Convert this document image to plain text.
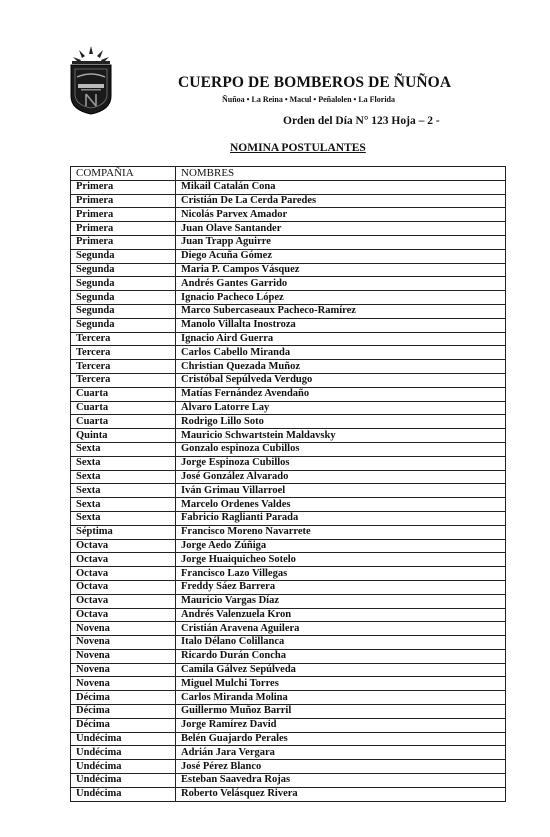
CUERPO DE BOMBEROS DE ÑUÑOA
Ñuñoa • La Reina • Macul • Peñalolen • La Florida
Orden del Día N° 123 Hoja – 2 -
NOMINA POSTULANTES
COMPAÑIA	NOMBRES
Primera	Mikail Catalán Cona
Primera	Cristián De La Cerda Paredes
Primera	Nicolás Parvex Amador
Primera	Juan Olave Santander
Primera	Juan Trapp Aguirre
Segunda	Diego Acuña Gómez
Segunda	Maria P. Campos Vásquez
Segunda	Andrés Gantes Garrido
Segunda	Ignacio Pacheco López
Segunda	Marco Subercaseaux Pacheco-Ramírez
Segunda	Manolo Villalta Inostroza
Tercera	Ignacio Aird Guerra
Tercera	Carlos Cabello Miranda
Tercera	Christian Quezada Muñoz
Tercera	Cristóbal Sepúlveda Verdugo
Cuarta	Matías Fernández Avendaño
Cuarta	Álvaro Latorre Lay
Cuarta	Rodrigo Lillo Soto
Quinta	Mauricio Schwartstein Maldavsky
Sexta	Gonzalo espinoza Cubillos
Sexta	Jorge Espinoza Cubillos
Sexta	José González Alvarado
Sexta	Iván Grimau Villarroel
Sexta	Marcelo Ordenes Valdes
Sexta	Fabricio Raglianti Parada
Séptima	Francisco Moreno Navarrete
Octava	Jorge Aedo Zúñiga
Octava	Jorge Huaiquicheo Sotelo
Octava	Francisco Lazo Villegas
Octava	Freddy Sáez Barrera
Octava	Mauricio Vargas Díaz
Octava	Andrés Valenzuela Kron
Novena	Cristián Aravena Aguilera
Novena	Italo Délano Colillanca
Novena	Ricardo Durán Concha
Novena	Camila Gálvez Sepúlveda
Novena	Miguel Mulchi Torres
Décima	Carlos Miranda Molina
Décima	Guillermo Muñoz Barril
Décima	Jorge Ramírez David
Undécima	Belén Guajardo Perales
Undécima	Adrián Jara Vergara
Undécima	José Pérez Blanco
Undécima	Esteban Saavedra Rojas
Undécima	Roberto Velásquez Rivera
